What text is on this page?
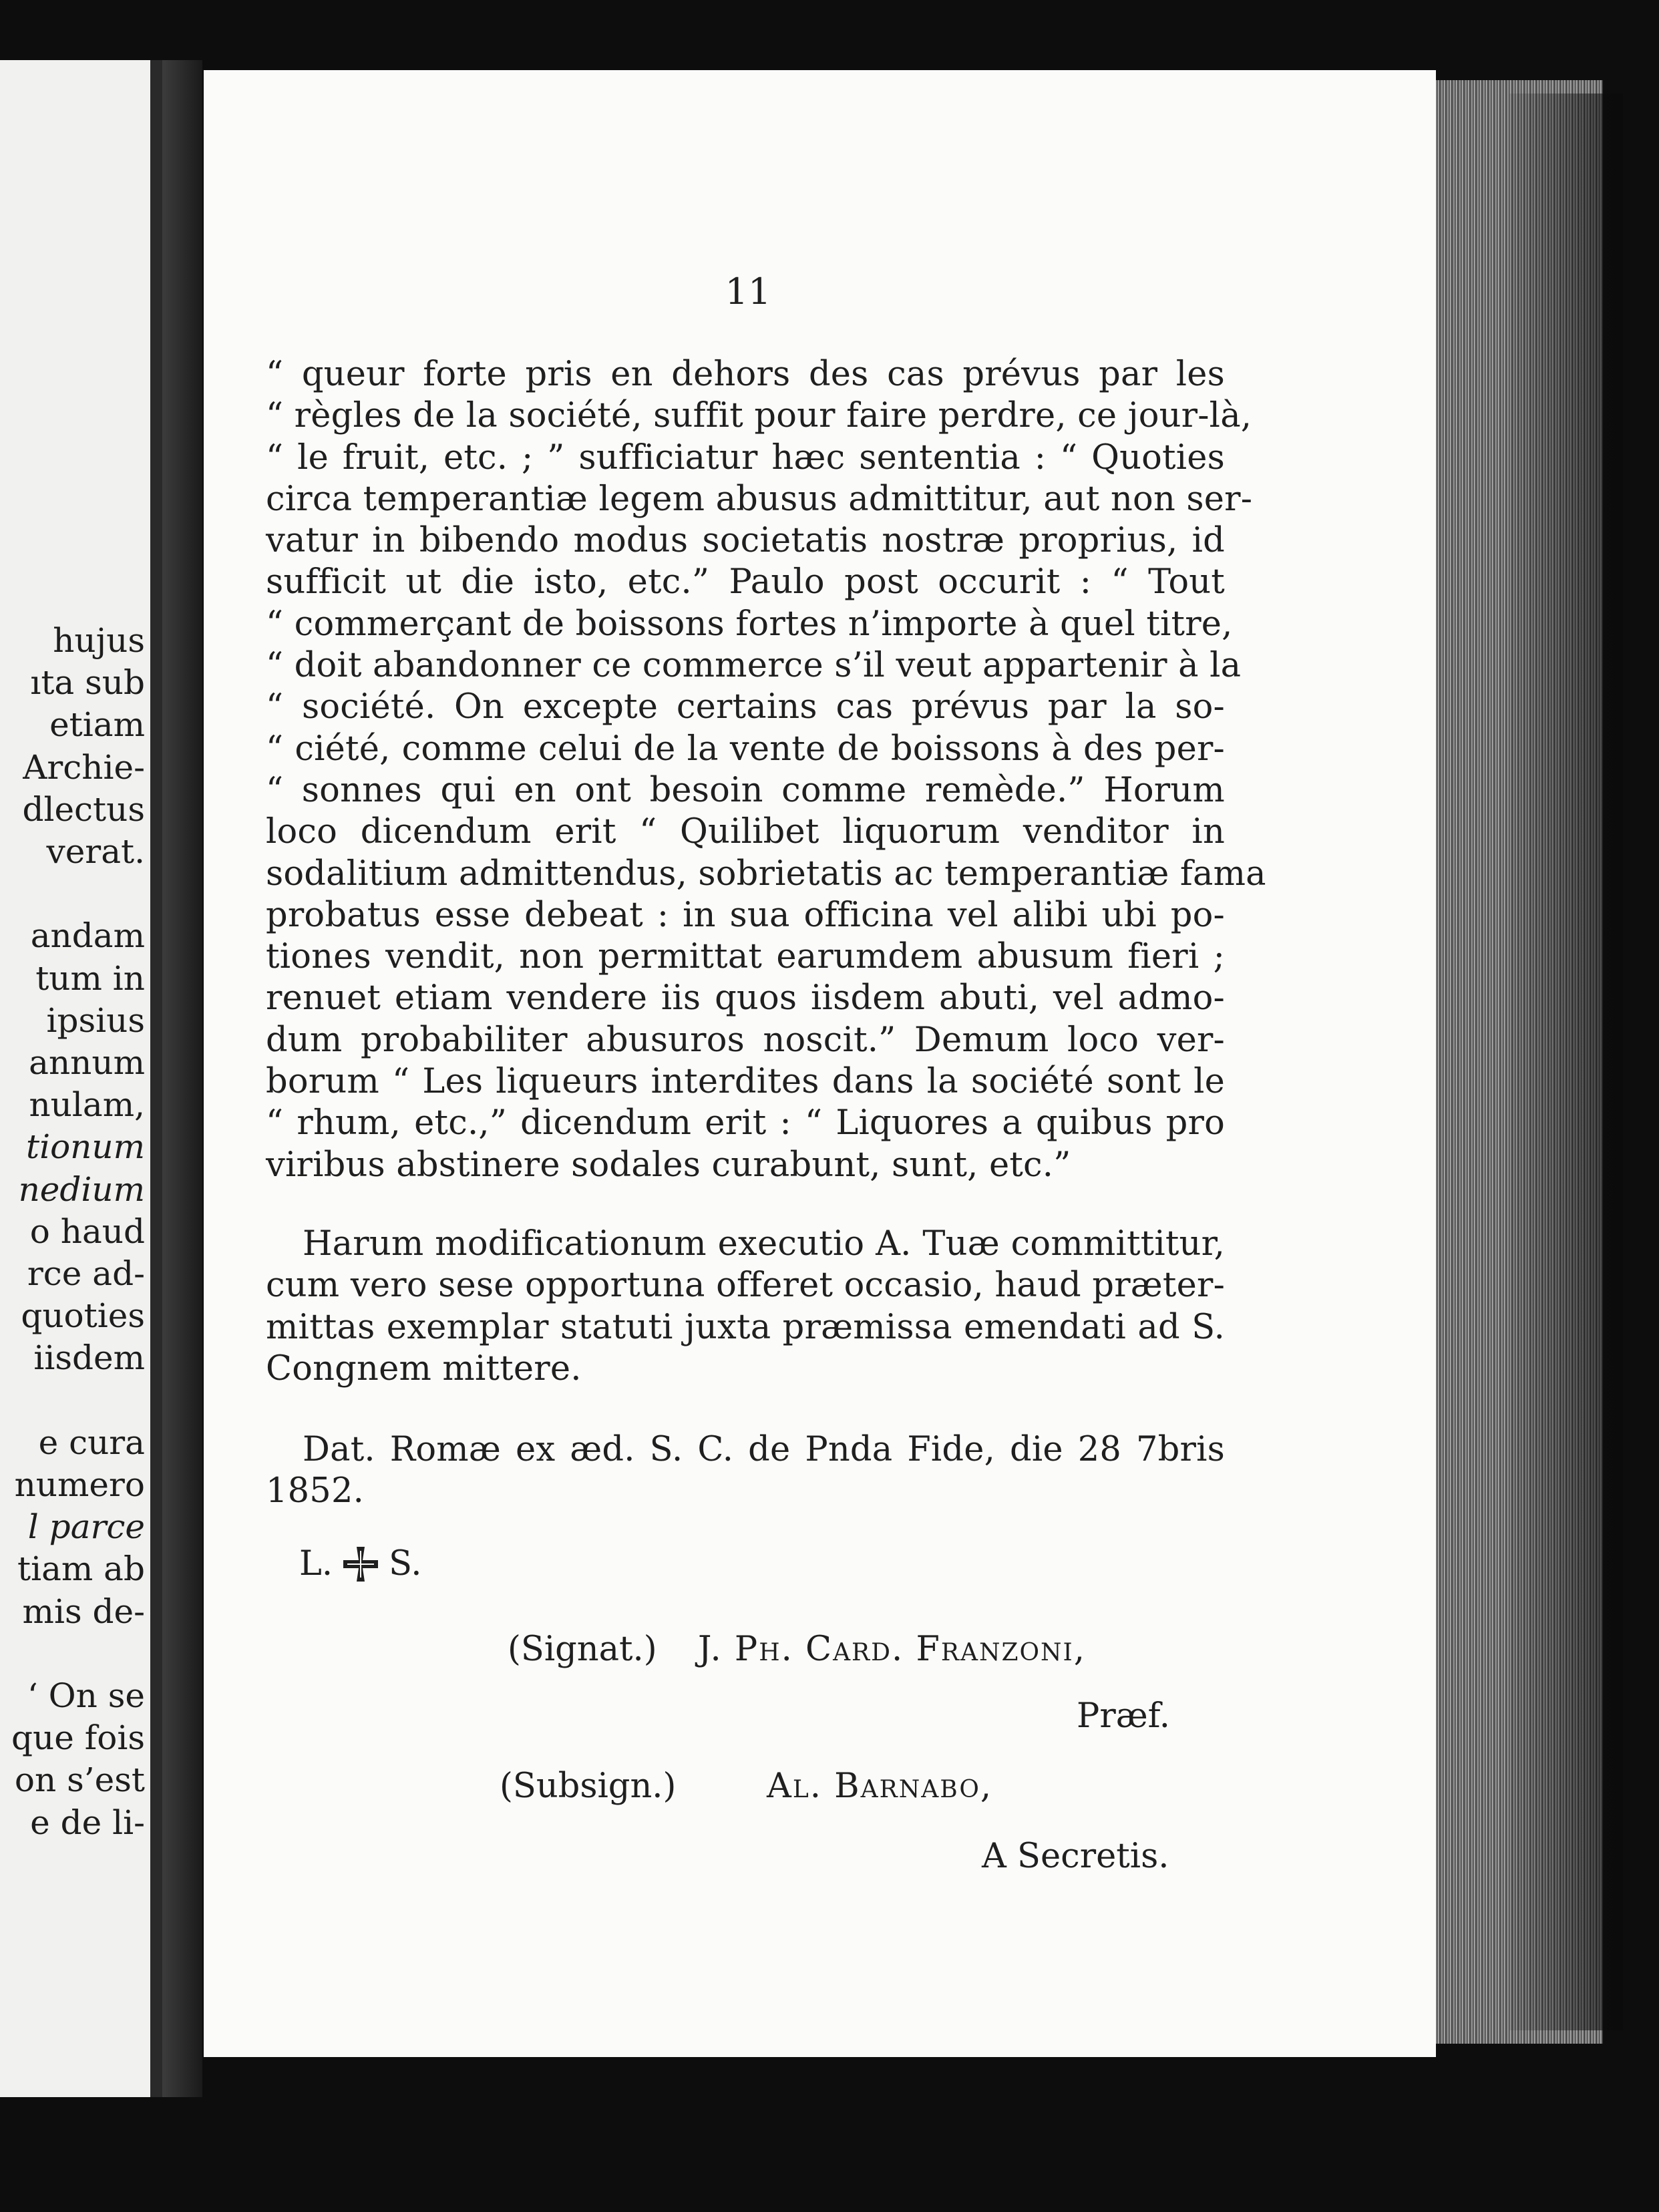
hujus
ıta sub
etiam
Archie-
dlectus
verat.
andam
tum in
ipsius
annum
nulam,
tionum
nedium
o haud
rce ad-
quoties
iisdem
e cura
numero
l parce
tiam ab
mis de-
‘ On se
que fois
on s’est
e de li-
11
“ queur forte pris en dehors des cas prévus par les
“ règles de la société, suffit pour faire perdre, ce jour-là,
“ le fruit, etc. ; ” sufficiatur hæc sententia : “ Quoties
circa temperantiæ legem abusus admittitur, aut non ser-
vatur in bibendo modus societatis nostræ proprius, id
sufficit ut die isto, etc.” Paulo post occurit : “ Tout
“ commerçant de boissons fortes n’importe à quel titre,
“ doit abandonner ce commerce s’il veut appartenir à la
“ société. On excepte certains cas prévus par la so-
“ ciété, comme celui de la vente de boissons à des per-
“ sonnes qui en ont besoin comme remède.” Horum
loco dicendum erit “ Quilibet liquorum venditor in
sodalitium admittendus, sobrietatis ac temperantiæ fama
probatus esse debeat : in sua officina vel alibi ubi po-
tiones vendit, non permittat earumdem abusum fieri ;
renuet etiam vendere iis quos iisdem abuti, vel admo-
dum probabiliter abusuros noscit.” Demum loco ver-
borum “ Les liqueurs interdites dans la société sont le
“ rhum, etc.,” dicendum erit : “ Liquores a quibus pro
viribus abstinere sodales curabunt, sunt, etc.”
Harum modificationum executio A. Tuæ committitur,
cum vero sese opportuna offeret occasio, haud præter-
mittas exemplar statuti juxta præmissa emendati ad S.
Congnem mittere.
Dat. Romæ ex æd. S. C. de Pnda Fide, die 28 7bris
1852.
L. S.
(Signat.) J. Ph. Card. Franzoni,
Præf.
(Subsign.)	Al. Barnabo,
A Secretis.
